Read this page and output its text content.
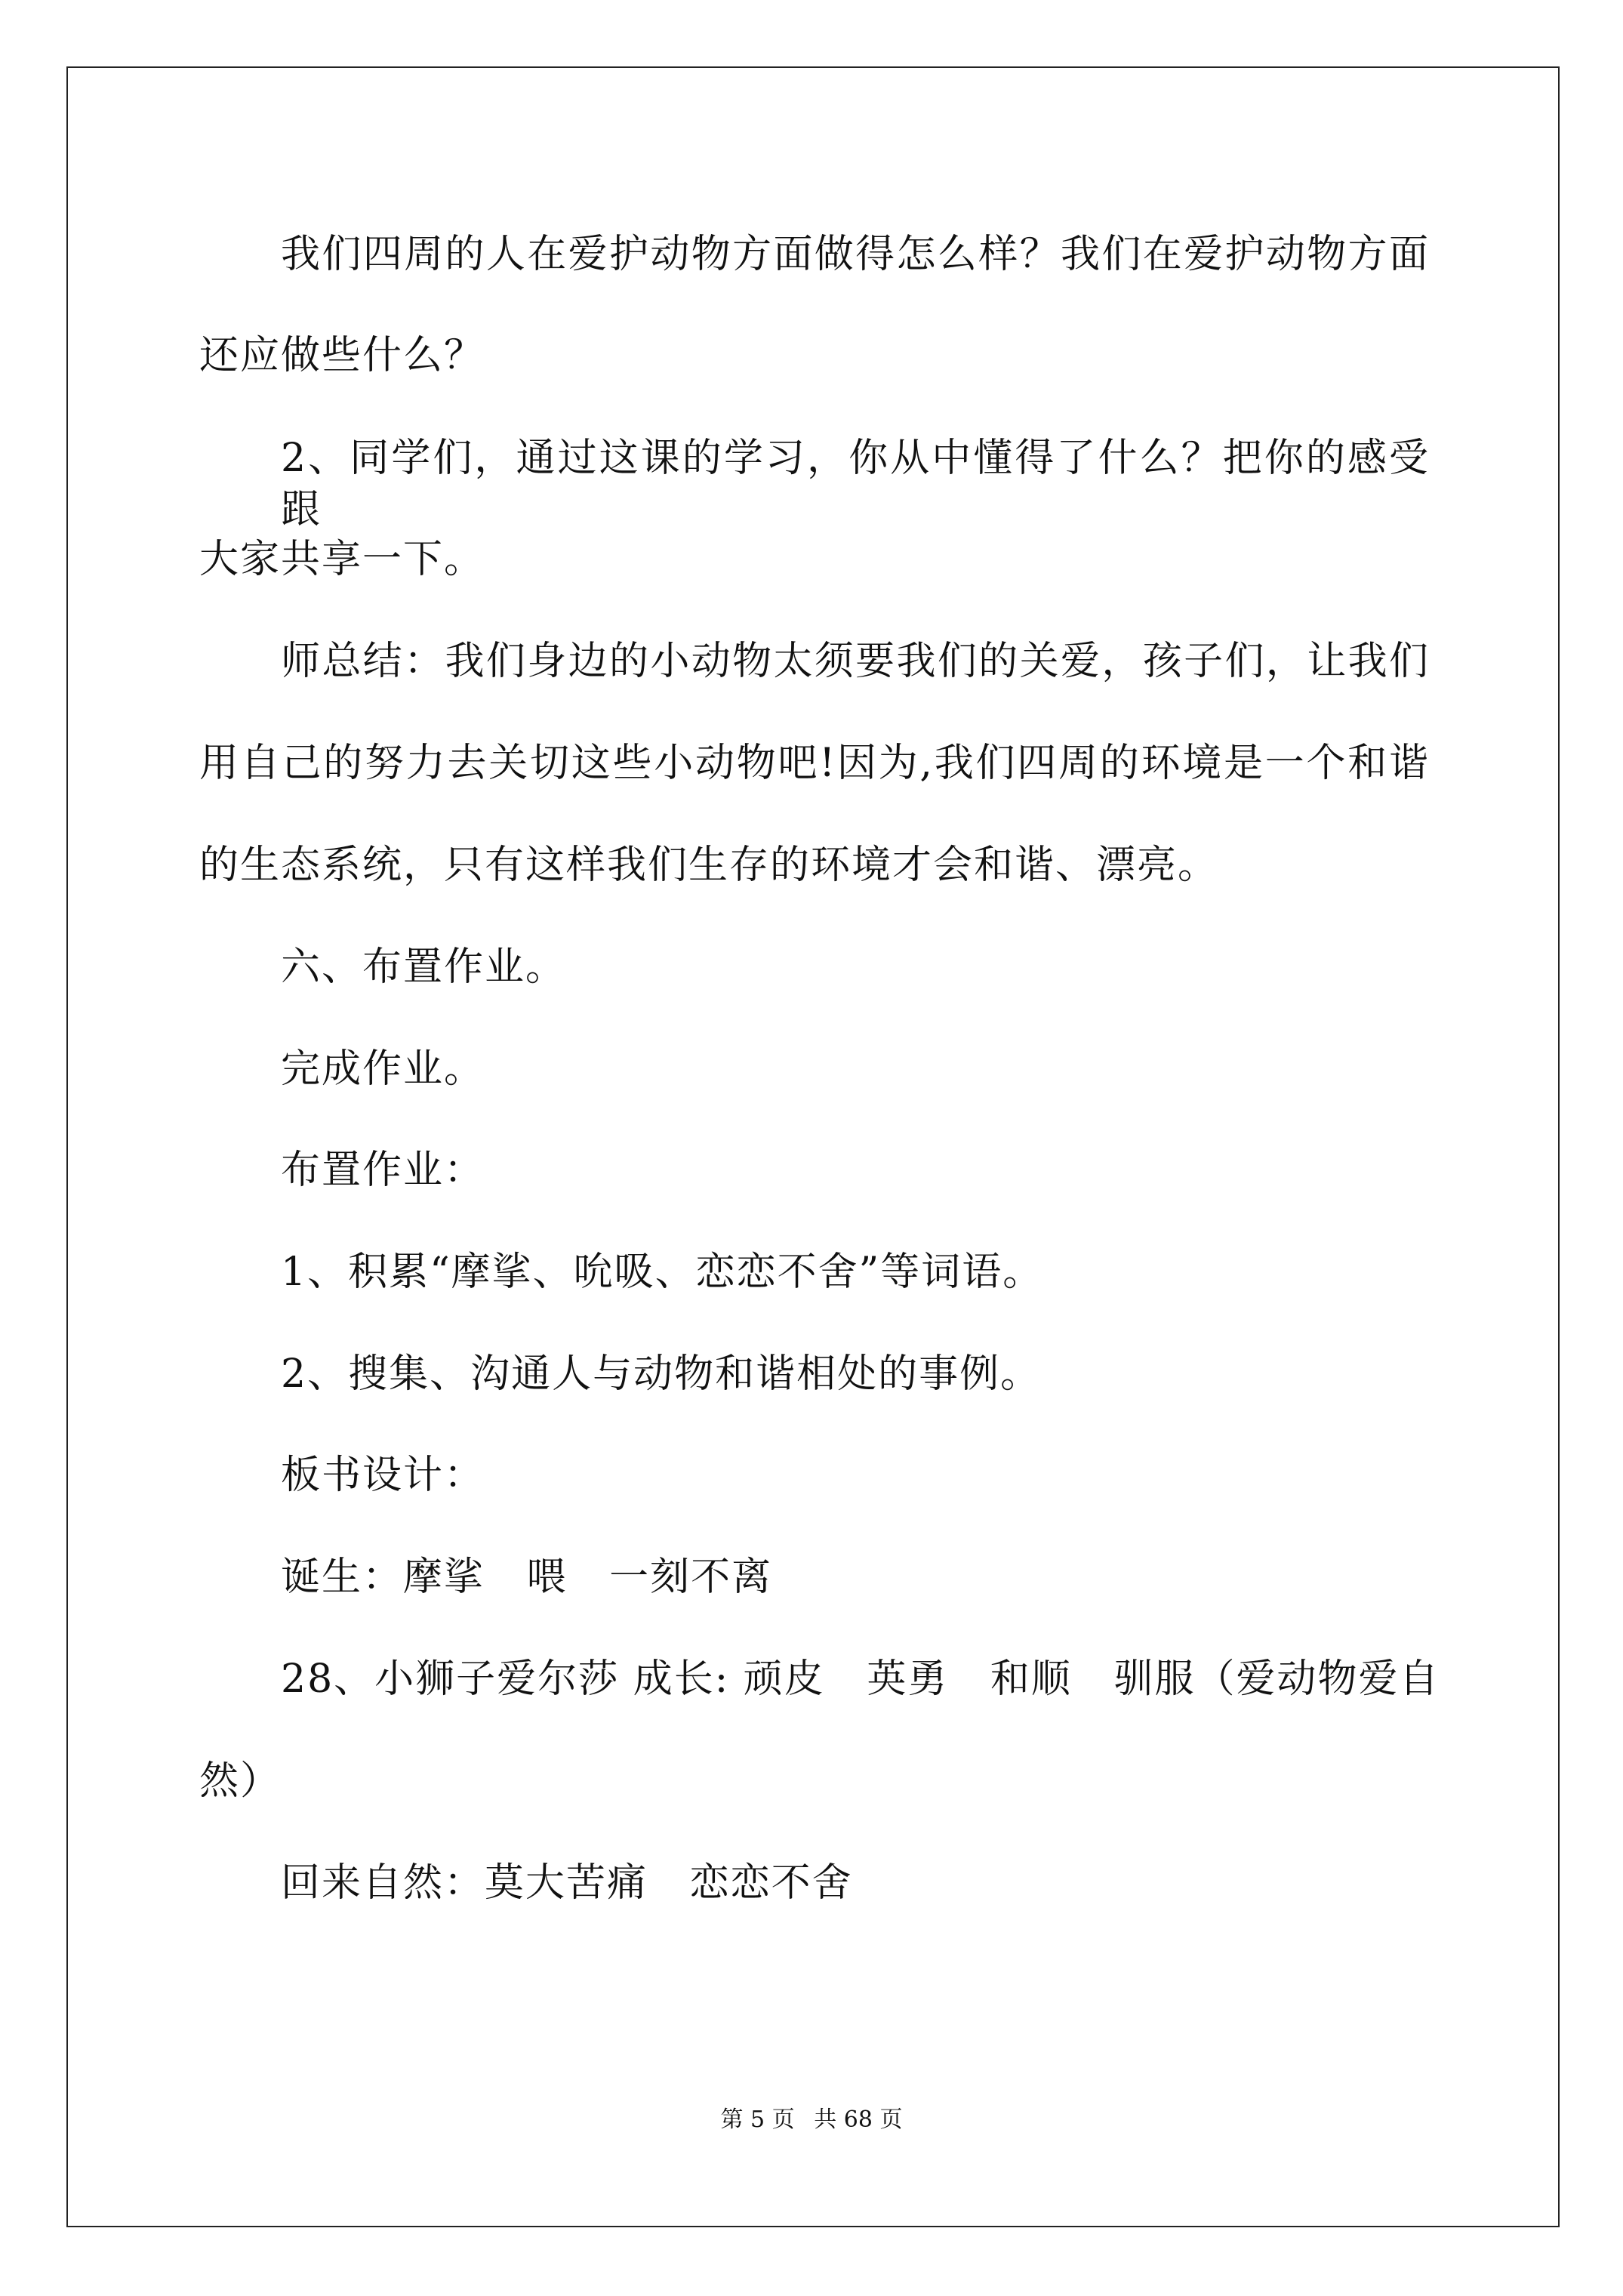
我们四周的人在爱护动物方面做得怎么样？我们在爱护动物方面
还应做些什么？
2、同学们，通过这课的学习，你从中懂得了什么？把你的感受跟
大家共享一下。
师总结：我们身边的小动物太须要我们的关爱，孩子们，让我们
用自己的努力去关切这些小动物吧!因为,我们四周的环境是一个和谐
的生态系统，只有这样我们生存的环境才会和谐、漂亮。
六、布置作业。
完成作业。
布置作业：
1、积累“摩挲、吮吸、恋恋不舍”等词语。
2、搜集、沟通人与动物和谐相处的事例。
板书设计：
诞生：摩挲   喂   一刻不离
28、小狮子爱尔莎 成长: 顽皮   英勇   和顺   驯服（爱动物爱自
然）
回来自然：莫大苦痛   恋恋不舍
第 5 页 共 68 页
